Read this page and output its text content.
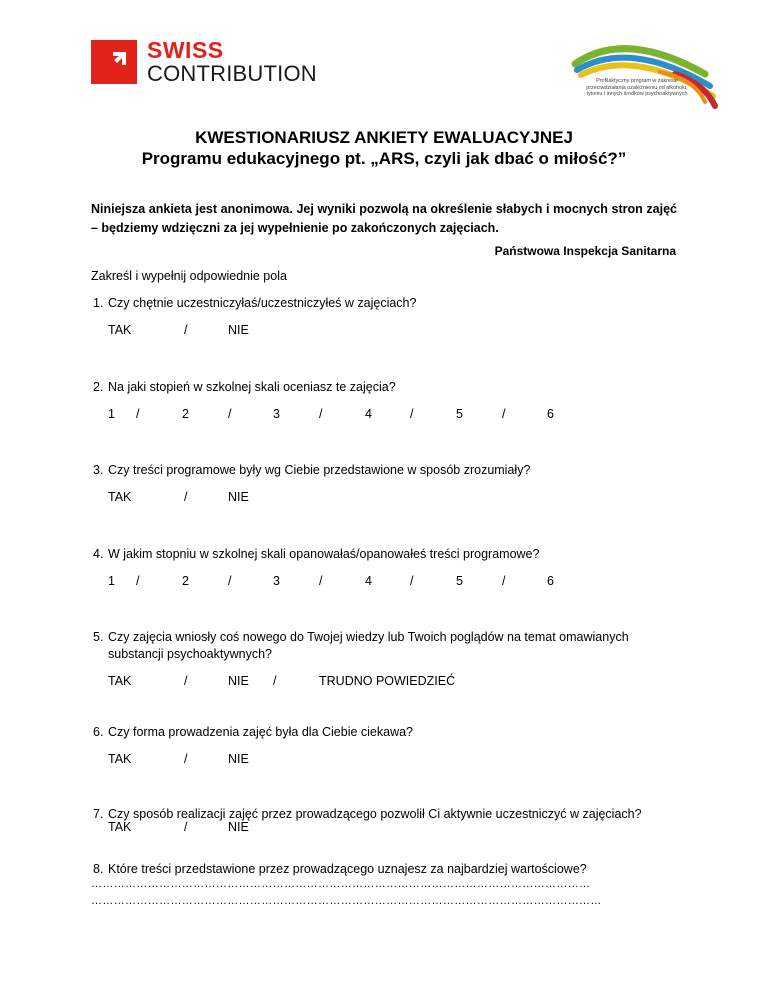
SWISS
CONTRIBUTION	Profilaktyczny program w zakresie przeciwdziałania uzależnieniu od alkoholu, tytoniu i innych środków psychoaktywnych
KWESTIONARIUSZ ANKIETY EWALUACYJNEJ
Programu edukacyjnego pt. „ARS, czyli jak dbać o miłość?”
Niniejsza ankieta jest anonimowa. Jej wyniki pozwolą na określenie słabych i mocnych stron zajęć – będziemy wdzięczni za jej wypełnienie po zakończonych zajęciach.
Państwowa Inspekcja Sanitarna
Zakreśl i wypełnij odpowiednie pola
1. Czy chętnie uczestniczyłaś/uczestniczyłeś w zajęciach?
TAK	/	NIE
2. Na jaki stopień w szkolnej skali oceniasz te zajęcia?
1 /	2	/	3	/	4	/	5	/	6
3. Czy treści programowe były wg Ciebie przedstawione w sposób zrozumiały?
TAK	/	NIE
4. W jakim stopniu w szkolnej skali opanowałaś/opanowałeś treści programowe?
1 /	2	/	3	/	4	/	5	/	6
5. Czy zajęcia wniosły coś nowego do Twojej wiedzy lub Twoich poglądów na temat omawianych
substancji psychoaktywnych?
TAK	/	NIE /	TRUDNO POWIEDZIEĆ
6. Czy forma prowadzenia zajęć była dla Ciebie ciekawa?
TAK	/	NIE
7. Czy sposób realizacji zajęć przez prowadzącego pozwolił Ci aktywnie uczestniczyć w zajęciach?
TAK	/	NIE
8. Które treści przedstawione przez prowadzącego uznajesz za najbardziej wartościowe?
……………………………………………………………………………………………………………………
………………………………………………………………………………………………………………………
